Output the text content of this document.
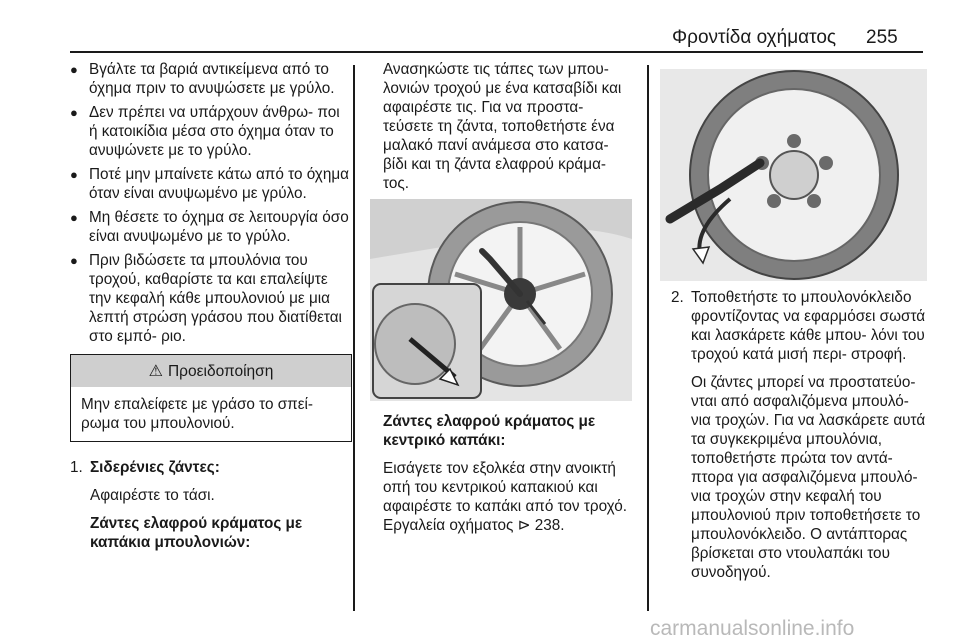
Φροντίδα οχήματος 255
● Βγάλτε τα βαριά αντικείμενα από το όχημα πριν το ανυψώσετε με γρύλο.
● Δεν πρέπει να υπάρχουν άνθρω- ποι ή κατοικίδια μέσα στο όχημα όταν το ανυψώνετε με το γρύλο.
● Ποτέ μην μπαίνετε κάτω από το όχημα όταν είναι ανυψωμένο με γρύλο.
● Μη θέσετε το όχημα σε λειτουργία όσο είναι ανυψωμένο με το γρύλο.
● Πριν βιδώσετε τα μπουλόνια του τροχού, καθαρίστε τα και επαλείψτε την κεφαλή κάθε μπουλονιού με μια λεπτή στρώση γράσου που διατίθεται στο εμπό- ριο.
⚠ Προειδοποίηση
Μην επαλείφετε με γράσο το σπεί- ρωμα του μπουλονιού.
1. Σιδερένιες ζάντες:
Αφαιρέστε το τάσι.
Ζάντες ελαφρού κράματος με καπάκια μπουλονιών:
Ανασηκώστε τις τάπες των μπου- λονιών τροχού με ένα κατσαβίδι και αφαιρέστε τις. Για να προστα- τεύσετε τη ζάντα, τοποθετήστε ένα μαλακό πανί ανάμεσα στο κατσα- βίδι και τη ζάντα ελαφρού κράμα- τος.
Ζάντες ελαφρού κράματος με κεντρικό καπάκι:
Εισάγετε τον εξολκέα στην ανοικτή οπή του κεντρικού καπακιού και αφαιρέστε το καπάκι από τον τροχό. Εργαλεία οχήματος ⊳ 238.
2. Τοποθετήστε το μπουλονόκλειδο φροντίζοντας να εφαρμόσει σωστά και λασκάρετε κάθε μπου- λόνι του τροχού κατά μισή περι- στροφή.
Οι ζάντες μπορεί να προστατεύο- νται από ασφαλιζόμενα μπουλό- νια τροχών. Για να λασκάρετε αυτά τα συγκεκριμένα μπουλόνια, τοποθετήστε πρώτα τον αντά- πτορα για ασφαλιζόμενα μπουλό- νια τροχών στην κεφαλή του μπουλονιού πριν τοποθετήσετε το μπουλονόκλειδο. Ο αντάπτορας βρίσκεται στο ντουλαπάκι του συνοδηγού.
carmanualsonline.info
